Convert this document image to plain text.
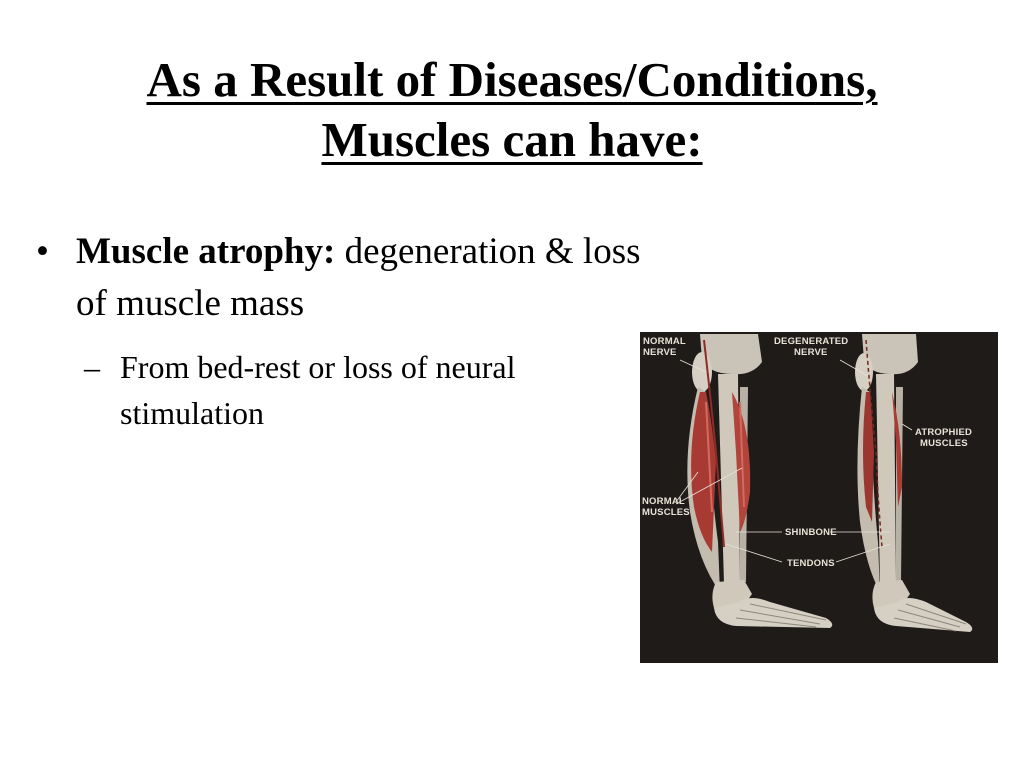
As a Result of Diseases/Conditions,
Muscles can have:
• Muscle atrophy: degeneration & loss of muscle mass
– From bed-rest or loss of neural stimulation
NORMAL
NERVE
DEGENERATED
NERVE
ATROPHIED
MUSCLES
NORMAL
MUSCLES
SHINBONE
TENDONS
